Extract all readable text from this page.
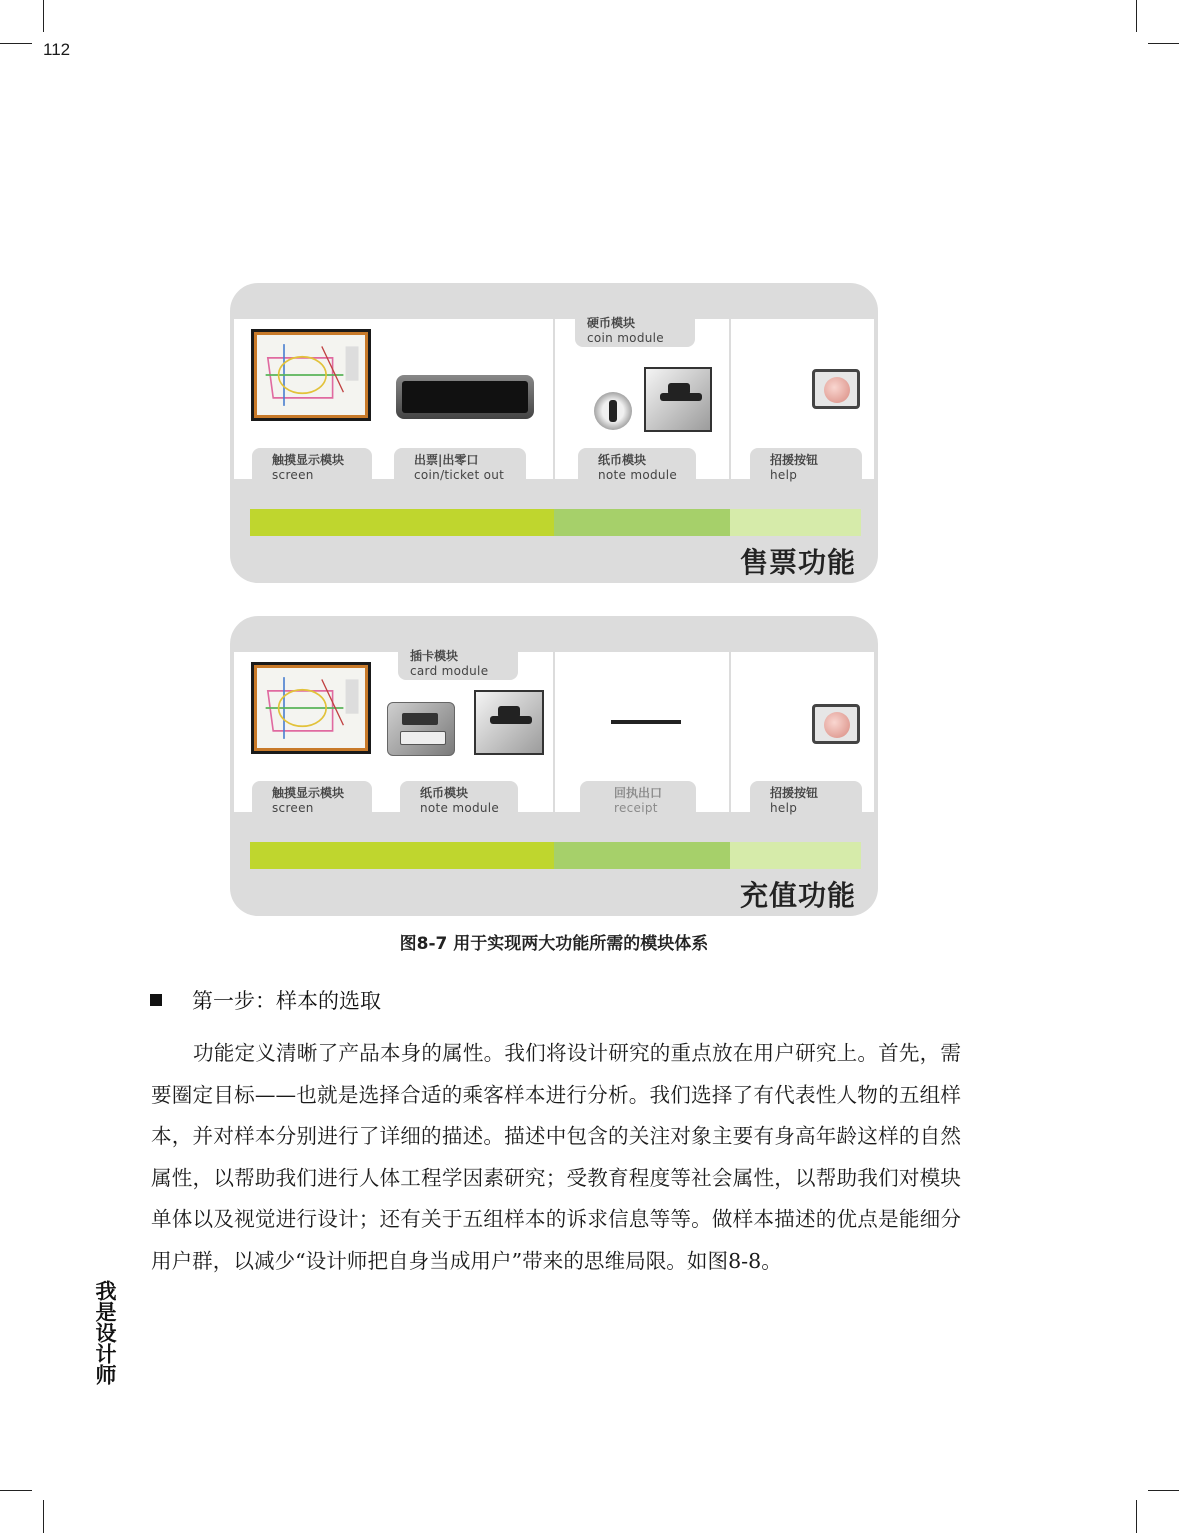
112
硬币模块
coin module
触摸显示模块
screen
出票|出零口
coin/ticket out
纸币模块
note module
招援按钮
help
售票功能
插卡模块
card module
触摸显示模块
screen
纸币模块
note module
回执出口
receipt
招援按钮
help
充值功能
图8-7 用于实现两大功能所需的模块体系
第一步：样本的选取

功能定义清晰了产品本身的属性。我们将设计研究的重点放在用户研究上。首先，需要圈定目标——也就是选择合适的乘客样本进行分析。我们选择了有代表性人物的五组样本，并对样本分别进行了详细的描述。描述中包含的关注对象主要有身高年龄这样的自然属性，以帮助我们进行人体工程学因素研究；受教育程度等社会属性，以帮助我们对模块单体以及视觉进行设计；还有关于五组样本的诉求信息等等。做样本描述的优点是能细分用户群，以减少“设计师把自身当成用户”带来的思维局限。如图8-8。

我是设计师
